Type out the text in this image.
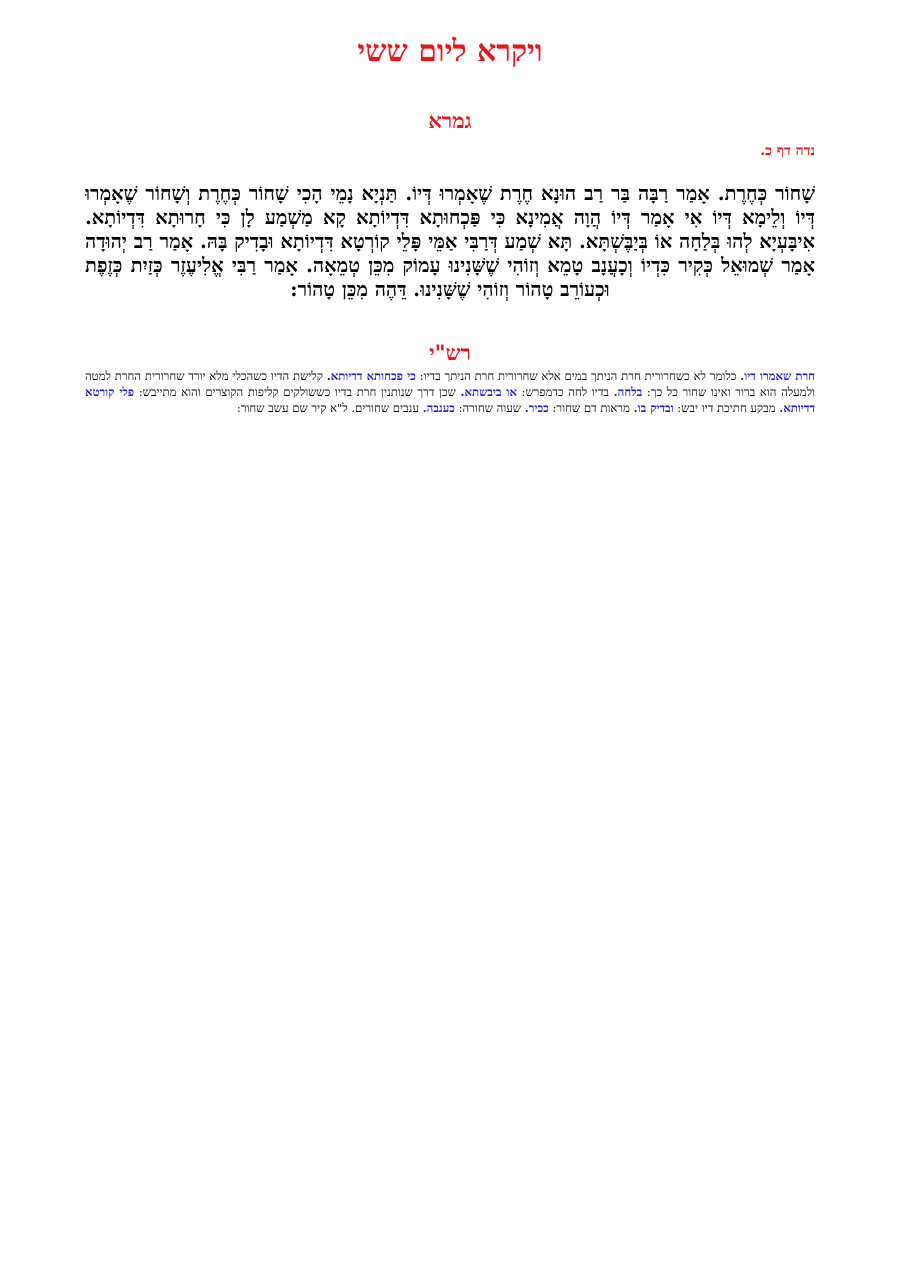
ויקרא ליום ששי
גמרא
נדה דף כ.
שָׁחוֹר כְּחֶרֶת. אָמַר רַבָּה בַּר רַב הוּנָא חֶרֶת שֶׁאָמְרוּ דְּיוֹ. תַּנְיָא נָמֵי הָכִי שָׁחוֹר כְּחֶרֶת וְשָׁחוֹר שֶׁאָמְרוּ דְּיוֹ וְלֵימָא דְּיוֹ אִי אָמַר דְּיוֹ הֲוָה אֲמִינָא כִּי פַּכְחוּתָא דִּדְיוֹתָא קָא מַשְׁמַע לָן כִּי חָרוּתָא דִּדְיוֹתָא. אִיבָּעְיָא לְהוּ בְּלַחָה אוֹ בְּיַבֶּשְׁתָּא. תָּא שְׁמַע דְּרַבִּי אַמֵּי פָּלֵי קוֹרְטָא דִּדְיוֹתָא וּבָדִיק בָּהּ. אָמַר רַב יְהוּדָה אָמַר שְׁמוּאֵל כְּקִיר כִּדְיוֹ וְכָעֲנָב טָמֵא וְזוֹהִי שֶׁשָּׁנִינוּ עָמוֹק מִכֵּן טְמֵאָה. אָמַר רַבִּי אֱלִיעֶזֶר כְּזַיִת כְּזֶפֶת וּכְעוֹרֵב טָהוֹר וְזוֹהִי שֶׁשָּׁנִינוּ. דֵּהֶה מִכֵּן טָהוֹר:
רש"י
חרת שאמרו דיו. כלומר לא כשחרורית חרת הניתך במים אלא שחרורית חרת הניתך בדיו: כי פכחותא דדיותא. קלישת הדיו כשהכלי מלא יורד שחרורית החרת למטה ולמעלה הוא ברור ואינו שחור כל כך: בלחה. בדיו לחה כדמפרש: או ביבשתא. שכן דרך שנותנין חרת בדיו כששולקים קליפות הקוצרים והוא מתייבש: פלי קורטא דדיותא. מבקע חתיכת דיו יבש: ובדיק בו. מראות דם שחור: ככיר. שעוה שחורה: כענבה. ענבים שחורים. ל"א קיר שם עשב שחור:
